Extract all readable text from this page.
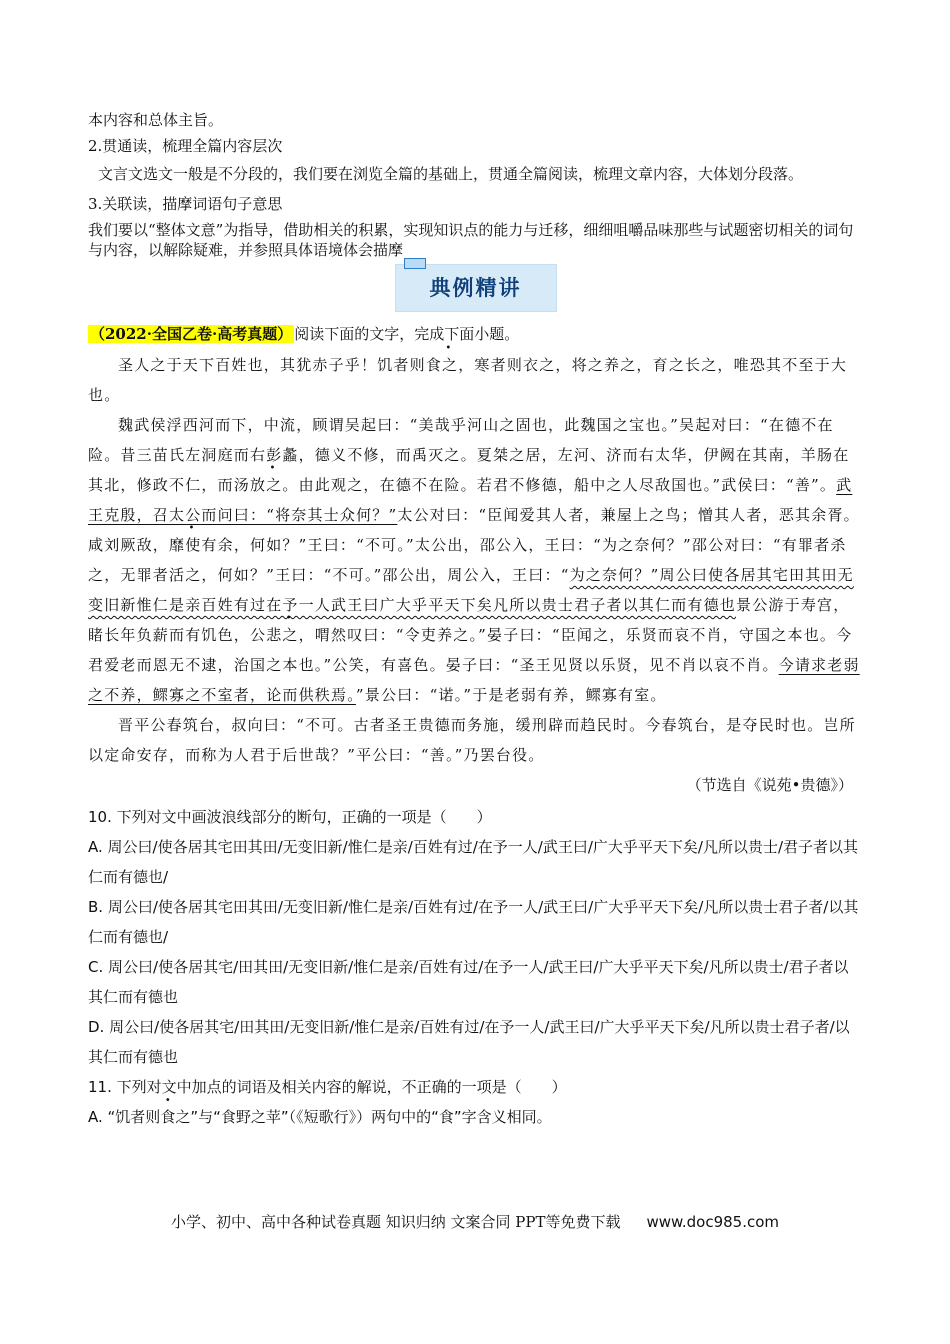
本内容和总体主旨。

2.贯通读，梳理全篇内容层次

文言文选文一般是不分段的，我们要在浏览全篇的基础上，贯通全篇阅读，梳理文章内容，大体划分段落。

3.关联读，描摩词语句子意思

我们要以“整体文意”为指导，借助相关的积累，实现知识点的能力与迁移，细细咀嚼品味那些与试题密切相关的词句与内容，以解除疑难，并参照具体语境体会描摩

典例精讲

（2022·全国乙卷·高考真题） 阅读下面的文字，完成下面小题。

圣人之于天下百姓也，其犹赤子乎！饥者则食之，寒者则衣之，将之养之，育之长之，唯恐其不至于大也。

魏武侯浮西河而下，中流，顾谓吴起曰：“美哉乎河山之固也，此魏国之宝也。”吴起对曰：“在德不在险。昔三苗氏左洞庭而右彭蠡，德义不修，而禹灭之。夏桀之居，左河、济而右太华，伊阙在其南，羊肠在其北，修政不仁，而汤放之。由此观之，在德不在险。若君不修德，船中之人尽敌国也。”武侯曰：“善”。武王克殷，召太公而问曰：“将奈其士众何？”太公对曰：“臣闻爱其人者，兼屋上之鸟；憎其人者，恶其余胥。咸刘厥敌，靡使有余，何如？”王曰：“不可。”太公出，邵公入，王曰：“为之奈何？”邵公对曰：“有罪者杀之，无罪者活之，何如？”王曰：“不可。”邵公出，周公入，王曰：“为之奈何？”周公曰使各居其宅田其田无变旧新惟仁是亲百姓有过在予一人武王曰广大乎平天下矣凡所以贵士君子者以其仁而有德也景公游于寿宫，睹长年负薪而有饥色，公悲之，喟然叹曰：“令吏养之。”晏子曰：“臣闻之，乐贤而哀不肖，守国之本也。今君爱老而恩无不逮，治国之本也。”公笑，有喜色。晏子曰：“圣王见贤以乐贤，见不肖以哀不肖。今请求老弱之不养，鳏寡之不室者，论而供秩焉。”景公曰：“诺。”于是老弱有养，鳏寡有室。

晋平公春筑台，叔向曰：“不可。古者圣王贵德而务施，缓刑辟而趋民时。今春筑台，是夺民时也。岂所以定命安存，而称为人君于后世哉？”平公曰：“善。”乃罢台役。

（节选自《说苑•贵德》）

10. 下列对文中画波浪线部分的断句，正确的一项是（　　）

A. 周公曰/使各居其宅田其田/无变旧新/惟仁是亲/百姓有过/在予一人/武王曰/广大乎平天下矣/凡所以贵士/君子者以其仁而有德也/

B. 周公曰/使各居其宅田其田/无变旧新/惟仁是亲/百姓有过/在予一人/武王曰/广大乎平天下矣/凡所以贵士君子者/以其仁而有德也/

C. 周公曰/使各居其宅/田其田/无变旧新/惟仁是亲/百姓有过/在予一人/武王曰/广大乎平天下矣/凡所以贵士/君子者以其仁而有德也

D. 周公曰/使各居其宅/田其田/无变旧新/惟仁是亲/百姓有过/在予一人/武王曰/广大乎平天下矣/凡所以贵士君子者/以其仁而有德也

11. 下列对文中加点的词语及相关内容的解说，不正确的一项是（　　）

A. “饥者则食之”与“食野之苹”（《短歌行》）两句中的“食”字含义相同。

小学、初中、高中各种试卷真题 知识归纳 文案合同 PPT等免费下载 www.doc985.com
